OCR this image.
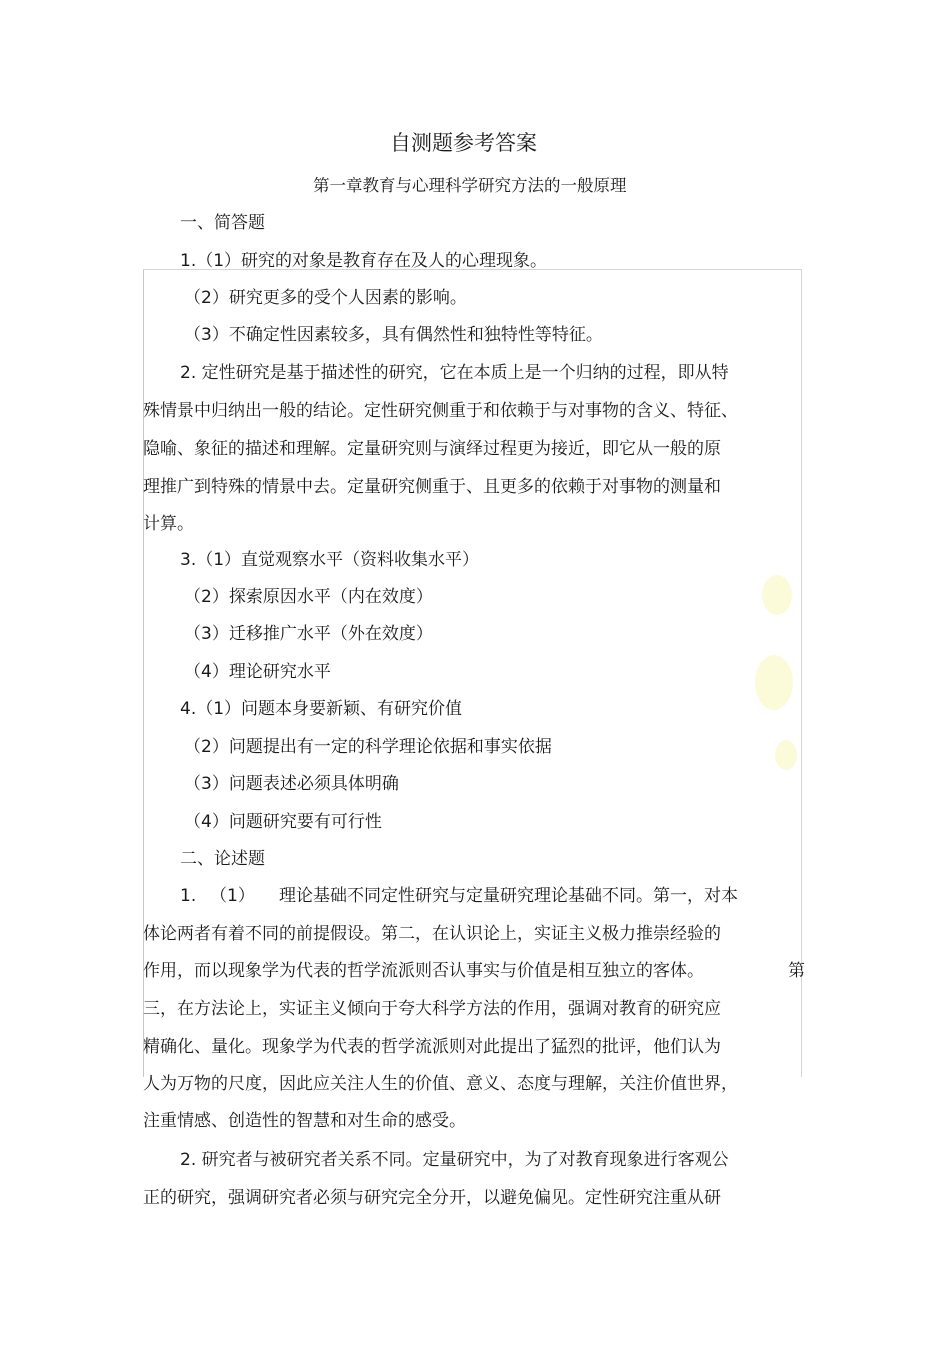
自测题参考答案
第一章教育与心理科学研究方法的一般原理
一、简答题
1.（1）研究的对象是教育存在及人的心理现象。
（2）研究更多的受个人因素的影响。
（3）不确定性因素较多，具有偶然性和独特性等特征。
2. 定性研究是基于描述性的研究，它在本质上是一个归纳的过程，即从特
殊情景中归纳出一般的结论。定性研究侧重于和依赖于与对事物的含义、特征、
隐喻、象征的描述和理解。定量研究则与演绎过程更为接近，即它从一般的原
理推广到特殊的情景中去。定量研究侧重于、且更多的依赖于对事物的测量和
计算。
3.（1）直觉观察水平（资料收集水平）
（2）探索原因水平（内在效度）
（3）迁移推广水平（外在效度）
（4）理论研究水平
4.（1）问题本身要新颖、有研究价值
（2）问题提出有一定的科学理论依据和事实依据
（3）问题表述必须具体明确
（4）问题研究要有可行性
二、论述题
1. （1） 理论基础不同定性研究与定量研究理论基础不同。第一，对本
体论两者有着不同的前提假设。第二，在认识论上，实证主义极力推崇经验的
作用，而以现象学为代表的哲学流派则否认事实与价值是相互独立的客体。	第
三，在方法论上，实证主义倾向于夸大科学方法的作用，强调对教育的研究应
精确化、量化。现象学为代表的哲学流派则对此提出了猛烈的批评，他们认为
人为万物的尺度，因此应关注人生的价值、意义、态度与理解，关注价值世界，
注重情感、创造性的智慧和对生命的感受。
2. 研究者与被研究者关系不同。定量研究中，为了对教育现象进行客观公
正的研究，强调研究者必须与研究完全分开，以避免偏见。定性研究注重从研
